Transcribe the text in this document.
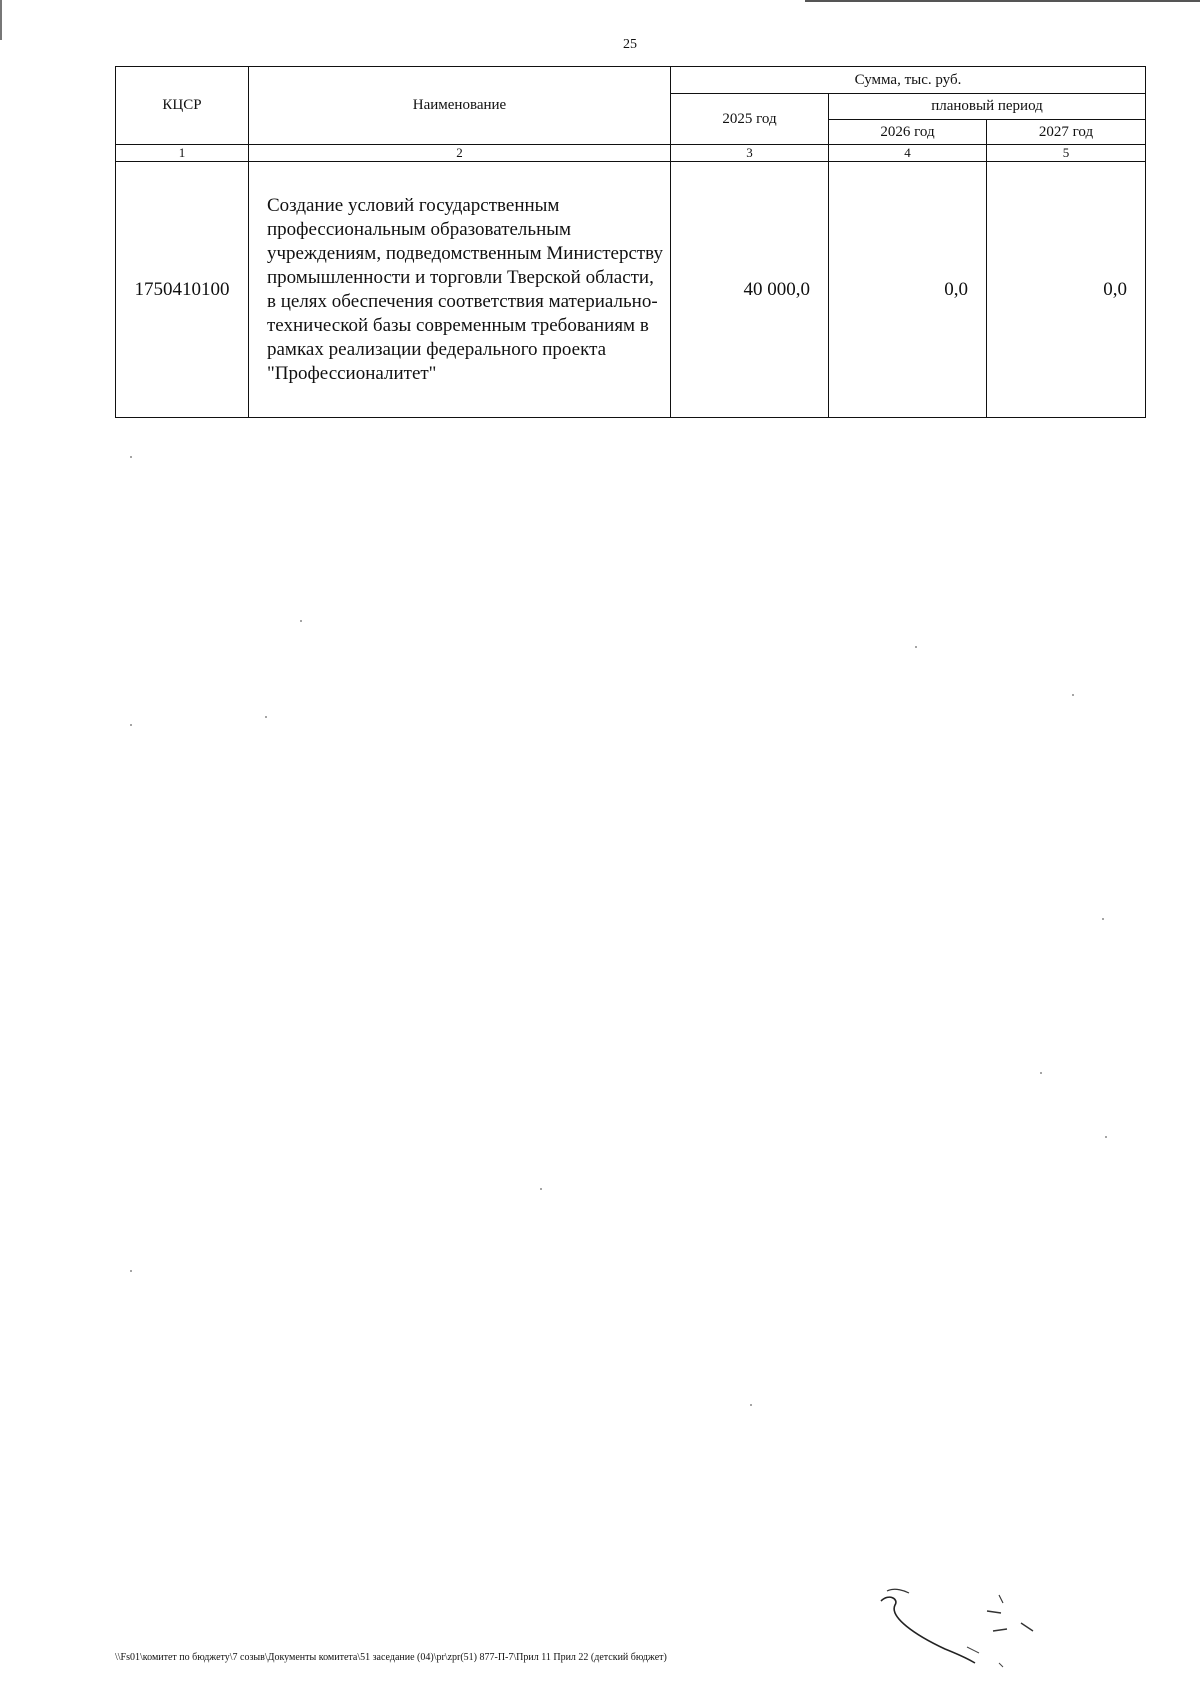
25
КЦСР	Наименование	Сумма, тыс. руб.		
		2025 год	плановый период	
			2026 год	2027 год
1	2	3	4	5
1750410100	Создание условий государственным профессиональным образовательным учреждениям, подведомственным Министерству промышленности и торговли Тверской области, в целях обеспечения соответствия материально-технической базы современным требованиям в рамках реализации федерального проекта "Профессионалитет"	40 000,0	0,0	0,0
\\Fs01\комитет по бюджету\7 созыв\Документы комитета\51 заседание (04)\pr\zpr(51) 877-П-7\Прил 11 Прил 22 (детский бюджет)
